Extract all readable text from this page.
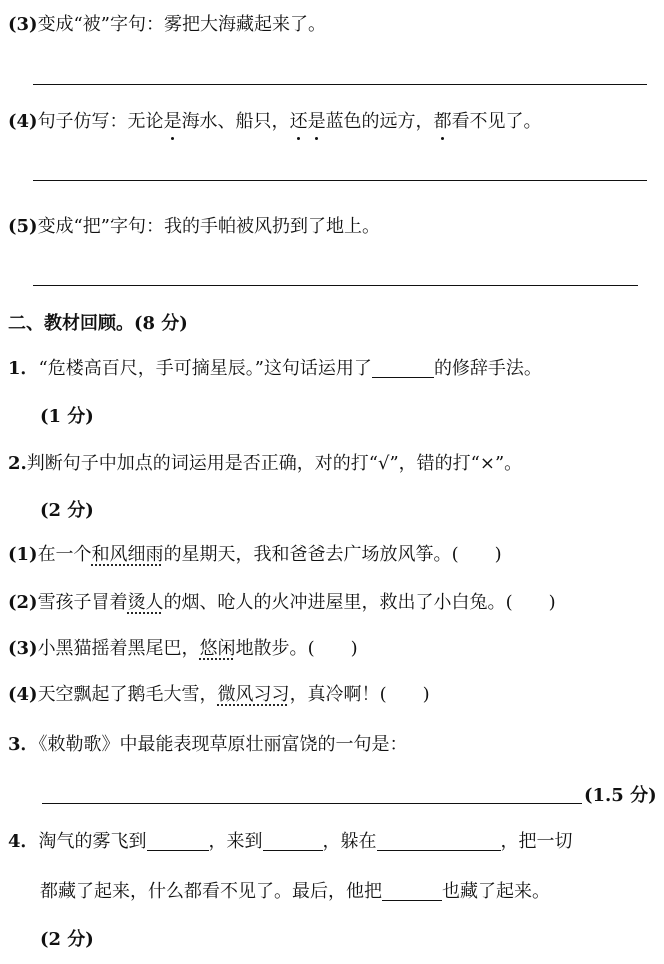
(3)变成“被”字句：雾把大海藏起来了。
(4)句子仿写：无论是海水、船只，还是蓝色的远方，都看不见了。
(5)变成“把”字句：我的手帕被风扔到了地上。
二、教材回顾。(8 分)
1．“危楼高百尺，手可摘星辰。”这句话运用了	的修辞手法。
(1 分)
2.判断句子中加点的词运用是否正确，对的打“√”，错的打“×”。
(2 分)
(1)在一个和风细雨的星期天，我和爸爸去广场放风筝。(　　)
(2)雪孩子冒着烫人的烟、呛人的火冲进屋里，救出了小白兔。(　　)
(3)小黑猫摇着黑尾巴，悠闲地散步。(　　)
(4)天空飘起了鹅毛大雪，微风习习，真冷啊！(　　)
3．《敕勒歌》中最能表现草原壮丽富饶的一句是：
(1.5 分)
4．淘气的雾飞到	，来到	，躲在	，把一切
都藏了起来，什么都看不见了。最后，他把	也藏了起来。
(2 分)
